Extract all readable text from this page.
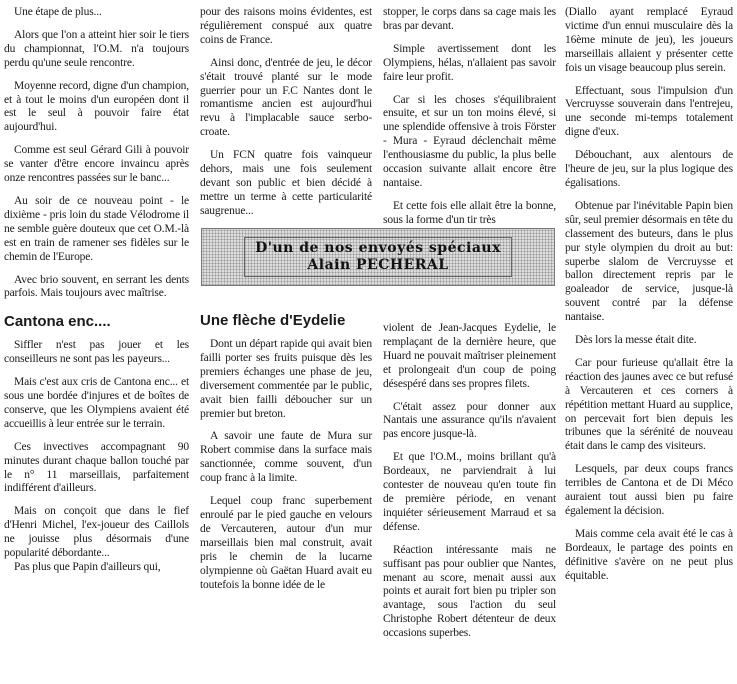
Une étape de plus...

Alors que l'on a atteint hier soir le tiers du championnat, l'O.M. n'a toujours perdu qu'une seule rencontre.

Moyenne record, digne d'un champion, et à tout le moins d'un européen dont il est le seul à pouvoir faire état aujourd'hui.

Comme est seul Gérard Gili à pouvoir se vanter d'être encore invaincu après onze rencontres passées sur le banc...

Au soir de ce nouveau point - le dixième - pris loin du stade Vélodrome il ne semble guère douteux que cet O.M.-là est en train de ramener ses fidèles sur le chemin de l'Europe.

Avec brio souvent, en serrant les dents parfois. Mais toujours avec maîtrise.

Cantona enc....

Siffler n'est pas jouer et les conseilleurs ne sont pas les payeurs...

Mais c'est aux cris de Cantona enc... et sous une bordée d'injures et de boîtes de conserve, que les Olympiens avaient été accueillis à leur entrée sur le terrain.

Ces invectives accompagnant 90 minutes durant chaque ballon touché par le n° 11 marseillais, parfaitement indifférent d'ailleurs.

Mais on conçoit que dans le fief d'Henri Michel, l'ex-joueur des Caillols ne jouisse plus désormais d'une popularité débordante...

Pas plus que Papin d'ailleurs qui,

pour des raisons moins évidentes, est régulièrement conspué aux quatre coins de France.

Ainsi donc, d'entrée de jeu, le décor s'était trouvé planté sur le mode guerrier pour un F.C Nantes dont le romantisme ancien est aujourd'hui revu à l'implacable sauce serbo-croate.

Un FCN quatre fois vainqueur dehors, mais une fois seulement devant son public et bien décidé à mettre un terme à cette particularité saugrenue...

stopper, le corps dans sa cage mais les bras par devant.

Simple avertissement dont les Olympiens, hélas, n'allaient pas savoir faire leur profit.

Car si les choses s'équilibraient ensuite, et sur un ton moins élevé, si une splendide offensive à trois Förster - Mura - Eyraud déclenchait même l'enthousiasme du public, la plus belle occasion suivante allait encore être nantaise.

Et cette fois elle allait être la bonne, sous la forme d'un tir très

D'un de nos envoyés spéciaux
Alain PECHERAL
Une flèche d'Eydelie

Dont un départ rapide qui avait bien failli porter ses fruits puisque dès les premiers échanges une phase de jeu, diversement commentée par le public, avait bien failli déboucher sur un premier but breton.

A savoir une faute de Mura sur Robert commise dans la surface mais sanctionnée, comme souvent, d'un coup franc à la limite.

Lequel coup franc superbement enroulé par le pied gauche en velours de Vercauteren, autour d'un mur marseillais bien mal construit, avait pris le chemin de la lucarne olympienne où Gaëtan Huard avait eu toutefois la bonne idée de le

violent de Jean-Jacques Eydelie, le remplaçant de la dernière heure, que Huard ne pouvait maîtriser pleinement et prolongeait d'un coup de poing désespéré dans ses propres filets.

C'était assez pour donner aux Nantais une assurance qu'ils n'avaient pas encore jusque-là.

Et que l'O.M., moins brillant qu'à Bordeaux, ne parviendrait à lui contester de nouveau qu'en toute fin de première période, en venant inquiéter sérieusement Marraud et sa défense.

Réaction intéressante mais ne suffisant pas pour oublier que Nantes, menant au score, menait aussi aux points et aurait fort bien pu tripler son avantage, sous l'action du seul Christophe Robert détenteur de deux occasions superbes.

(Diallo ayant remplacé Eyraud victime d'un ennui musculaire dès la 16ème minute de jeu), les joueurs marseillais allaient y présenter cette fois un visage beaucoup plus serein.

Effectuant, sous l'impulsion d'un Vercruysse souverain dans l'entrejeu, une seconde mi-temps totalement digne d'eux.

Débouchant, aux alentours de l'heure de jeu, sur la plus logique des égalisations.

Obtenue par l'inévitable Papin bien sûr, seul premier désormais en tête du classement des buteurs, dans le plus pur style olympien du droit au but: superbe slalom de Vercruysse et ballon directement repris par le goaleador de service, jusque-là souvent contré par la défense nantaise.

Dès lors la messe était dite.

Car pour furieuse qu'allait être la réaction des jaunes avec ce but refusé à Vercauteren et ces corners à répétition mettant Huard au supplice, on percevait fort bien depuis les tribunes que la sérénité de nouveau était dans le camp des visiteurs.

Lesquels, par deux coups francs terribles de Cantona et de Di Méco auraient tout aussi bien pu faire également la décision.

Mais comme cela avait été le cas à Bordeaux, le partage des points en définitive s'avère on ne peut plus équitable.
